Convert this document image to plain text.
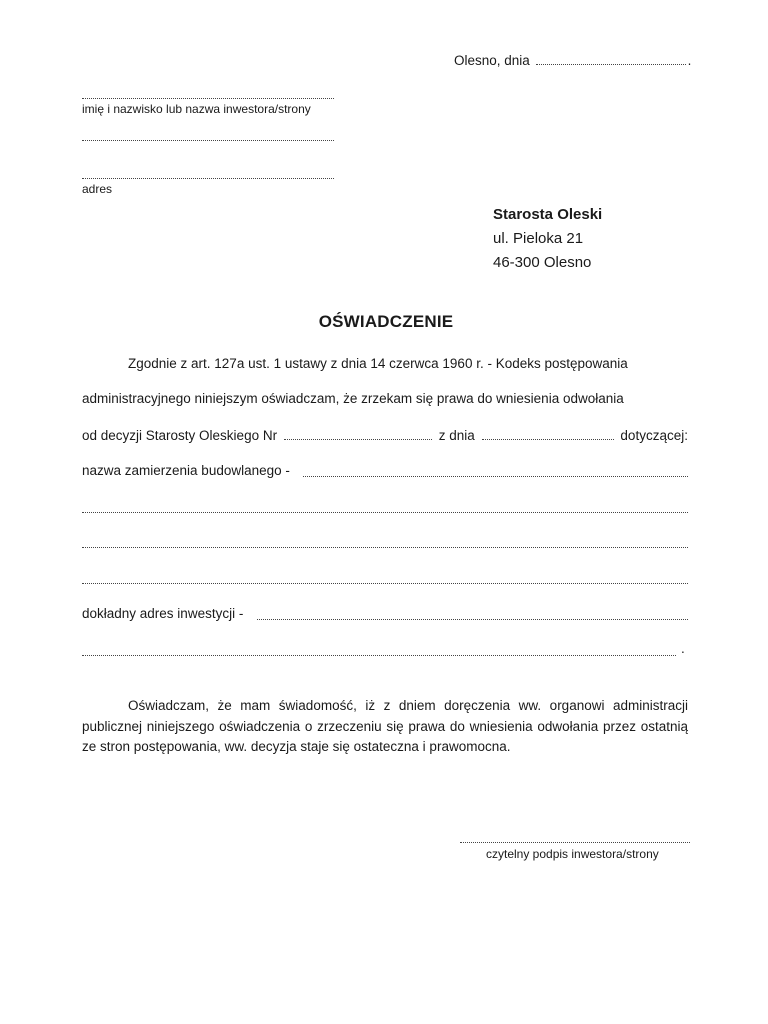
Olesno, dnia	.
imię i nazwisko lub nazwa inwestora/strony
adres
Starosta Oleski
ul. Pieloka 21
46-300 Olesno
OŚWIADCZENIE
Zgodnie z art. 127a ust. 1 ustawy z dnia 14 czerwca 1960 r. - Kodeks postępowania
administracyjnego niniejszym oświadczam, że zrzekam się prawa do wniesienia odwołania
od decyzji Starosty Oleskiego Nr	z dnia	dotyczącej:
nazwa zamierzenia budowlanego -
dokładny adres inwestycji -
.
Oświadczam, że mam świadomość, iż z dniem doręczenia ww. organowi administracji publicznej niniejszego oświadczenia o zrzeczeniu się prawa do wniesienia odwołania przez ostatnią ze stron postępowania, ww. decyzja staje się ostateczna i prawomocna.
czytelny podpis inwestora/strony
